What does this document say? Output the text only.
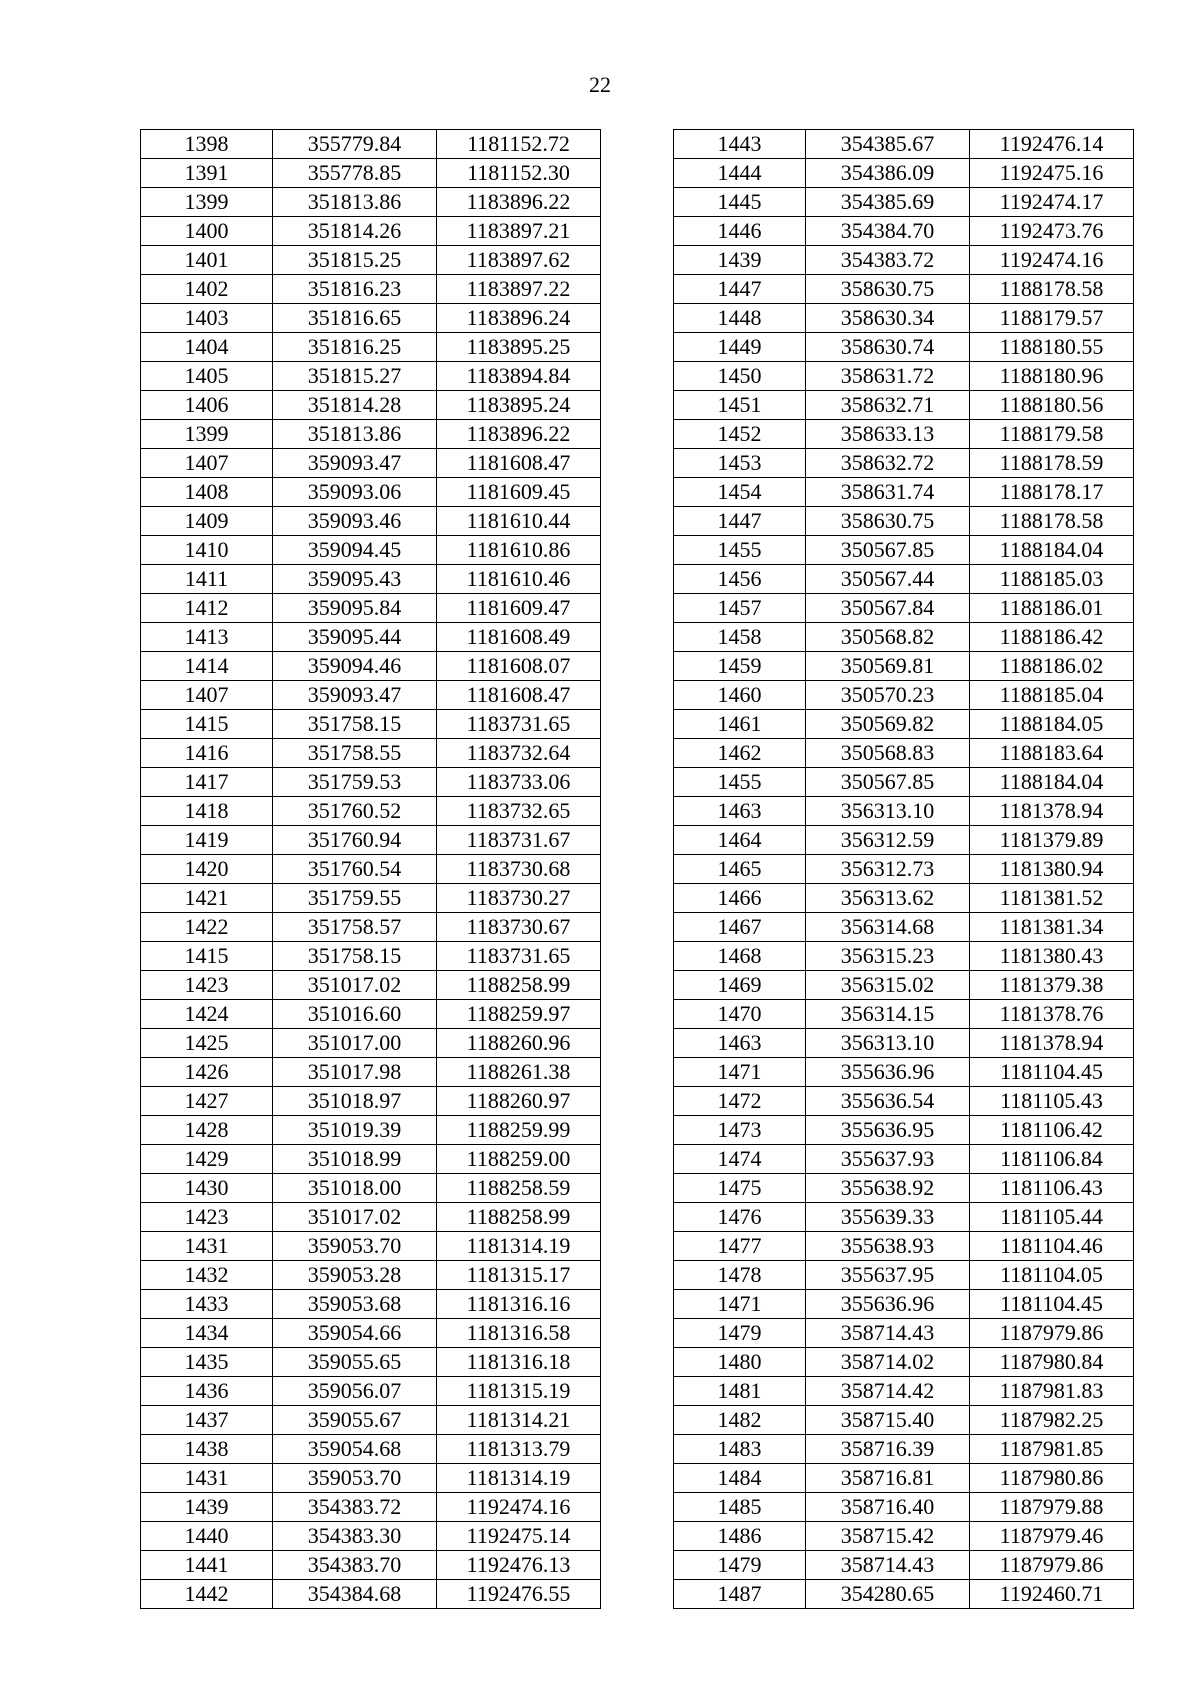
22
1398	355779.84	1181152.72
1391	355778.85	1181152.30
1399	351813.86	1183896.22
1400	351814.26	1183897.21
1401	351815.25	1183897.62
1402	351816.23	1183897.22
1403	351816.65	1183896.24
1404	351816.25	1183895.25
1405	351815.27	1183894.84
1406	351814.28	1183895.24
1399	351813.86	1183896.22
1407	359093.47	1181608.47
1408	359093.06	1181609.45
1409	359093.46	1181610.44
1410	359094.45	1181610.86
1411	359095.43	1181610.46
1412	359095.84	1181609.47
1413	359095.44	1181608.49
1414	359094.46	1181608.07
1407	359093.47	1181608.47
1415	351758.15	1183731.65
1416	351758.55	1183732.64
1417	351759.53	1183733.06
1418	351760.52	1183732.65
1419	351760.94	1183731.67
1420	351760.54	1183730.68
1421	351759.55	1183730.27
1422	351758.57	1183730.67
1415	351758.15	1183731.65
1423	351017.02	1188258.99
1424	351016.60	1188259.97
1425	351017.00	1188260.96
1426	351017.98	1188261.38
1427	351018.97	1188260.97
1428	351019.39	1188259.99
1429	351018.99	1188259.00
1430	351018.00	1188258.59
1423	351017.02	1188258.99
1431	359053.70	1181314.19
1432	359053.28	1181315.17
1433	359053.68	1181316.16
1434	359054.66	1181316.58
1435	359055.65	1181316.18
1436	359056.07	1181315.19
1437	359055.67	1181314.21
1438	359054.68	1181313.79
1431	359053.70	1181314.19
1439	354383.72	1192474.16
1440	354383.30	1192475.14
1441	354383.70	1192476.13
1442	354384.68	1192476.55
1443	354385.67	1192476.14
1444	354386.09	1192475.16
1445	354385.69	1192474.17
1446	354384.70	1192473.76
1439	354383.72	1192474.16
1447	358630.75	1188178.58
1448	358630.34	1188179.57
1449	358630.74	1188180.55
1450	358631.72	1188180.96
1451	358632.71	1188180.56
1452	358633.13	1188179.58
1453	358632.72	1188178.59
1454	358631.74	1188178.17
1447	358630.75	1188178.58
1455	350567.85	1188184.04
1456	350567.44	1188185.03
1457	350567.84	1188186.01
1458	350568.82	1188186.42
1459	350569.81	1188186.02
1460	350570.23	1188185.04
1461	350569.82	1188184.05
1462	350568.83	1188183.64
1455	350567.85	1188184.04
1463	356313.10	1181378.94
1464	356312.59	1181379.89
1465	356312.73	1181380.94
1466	356313.62	1181381.52
1467	356314.68	1181381.34
1468	356315.23	1181380.43
1469	356315.02	1181379.38
1470	356314.15	1181378.76
1463	356313.10	1181378.94
1471	355636.96	1181104.45
1472	355636.54	1181105.43
1473	355636.95	1181106.42
1474	355637.93	1181106.84
1475	355638.92	1181106.43
1476	355639.33	1181105.44
1477	355638.93	1181104.46
1478	355637.95	1181104.05
1471	355636.96	1181104.45
1479	358714.43	1187979.86
1480	358714.02	1187980.84
1481	358714.42	1187981.83
1482	358715.40	1187982.25
1483	358716.39	1187981.85
1484	358716.81	1187980.86
1485	358716.40	1187979.88
1486	358715.42	1187979.46
1479	358714.43	1187979.86
1487	354280.65	1192460.71
